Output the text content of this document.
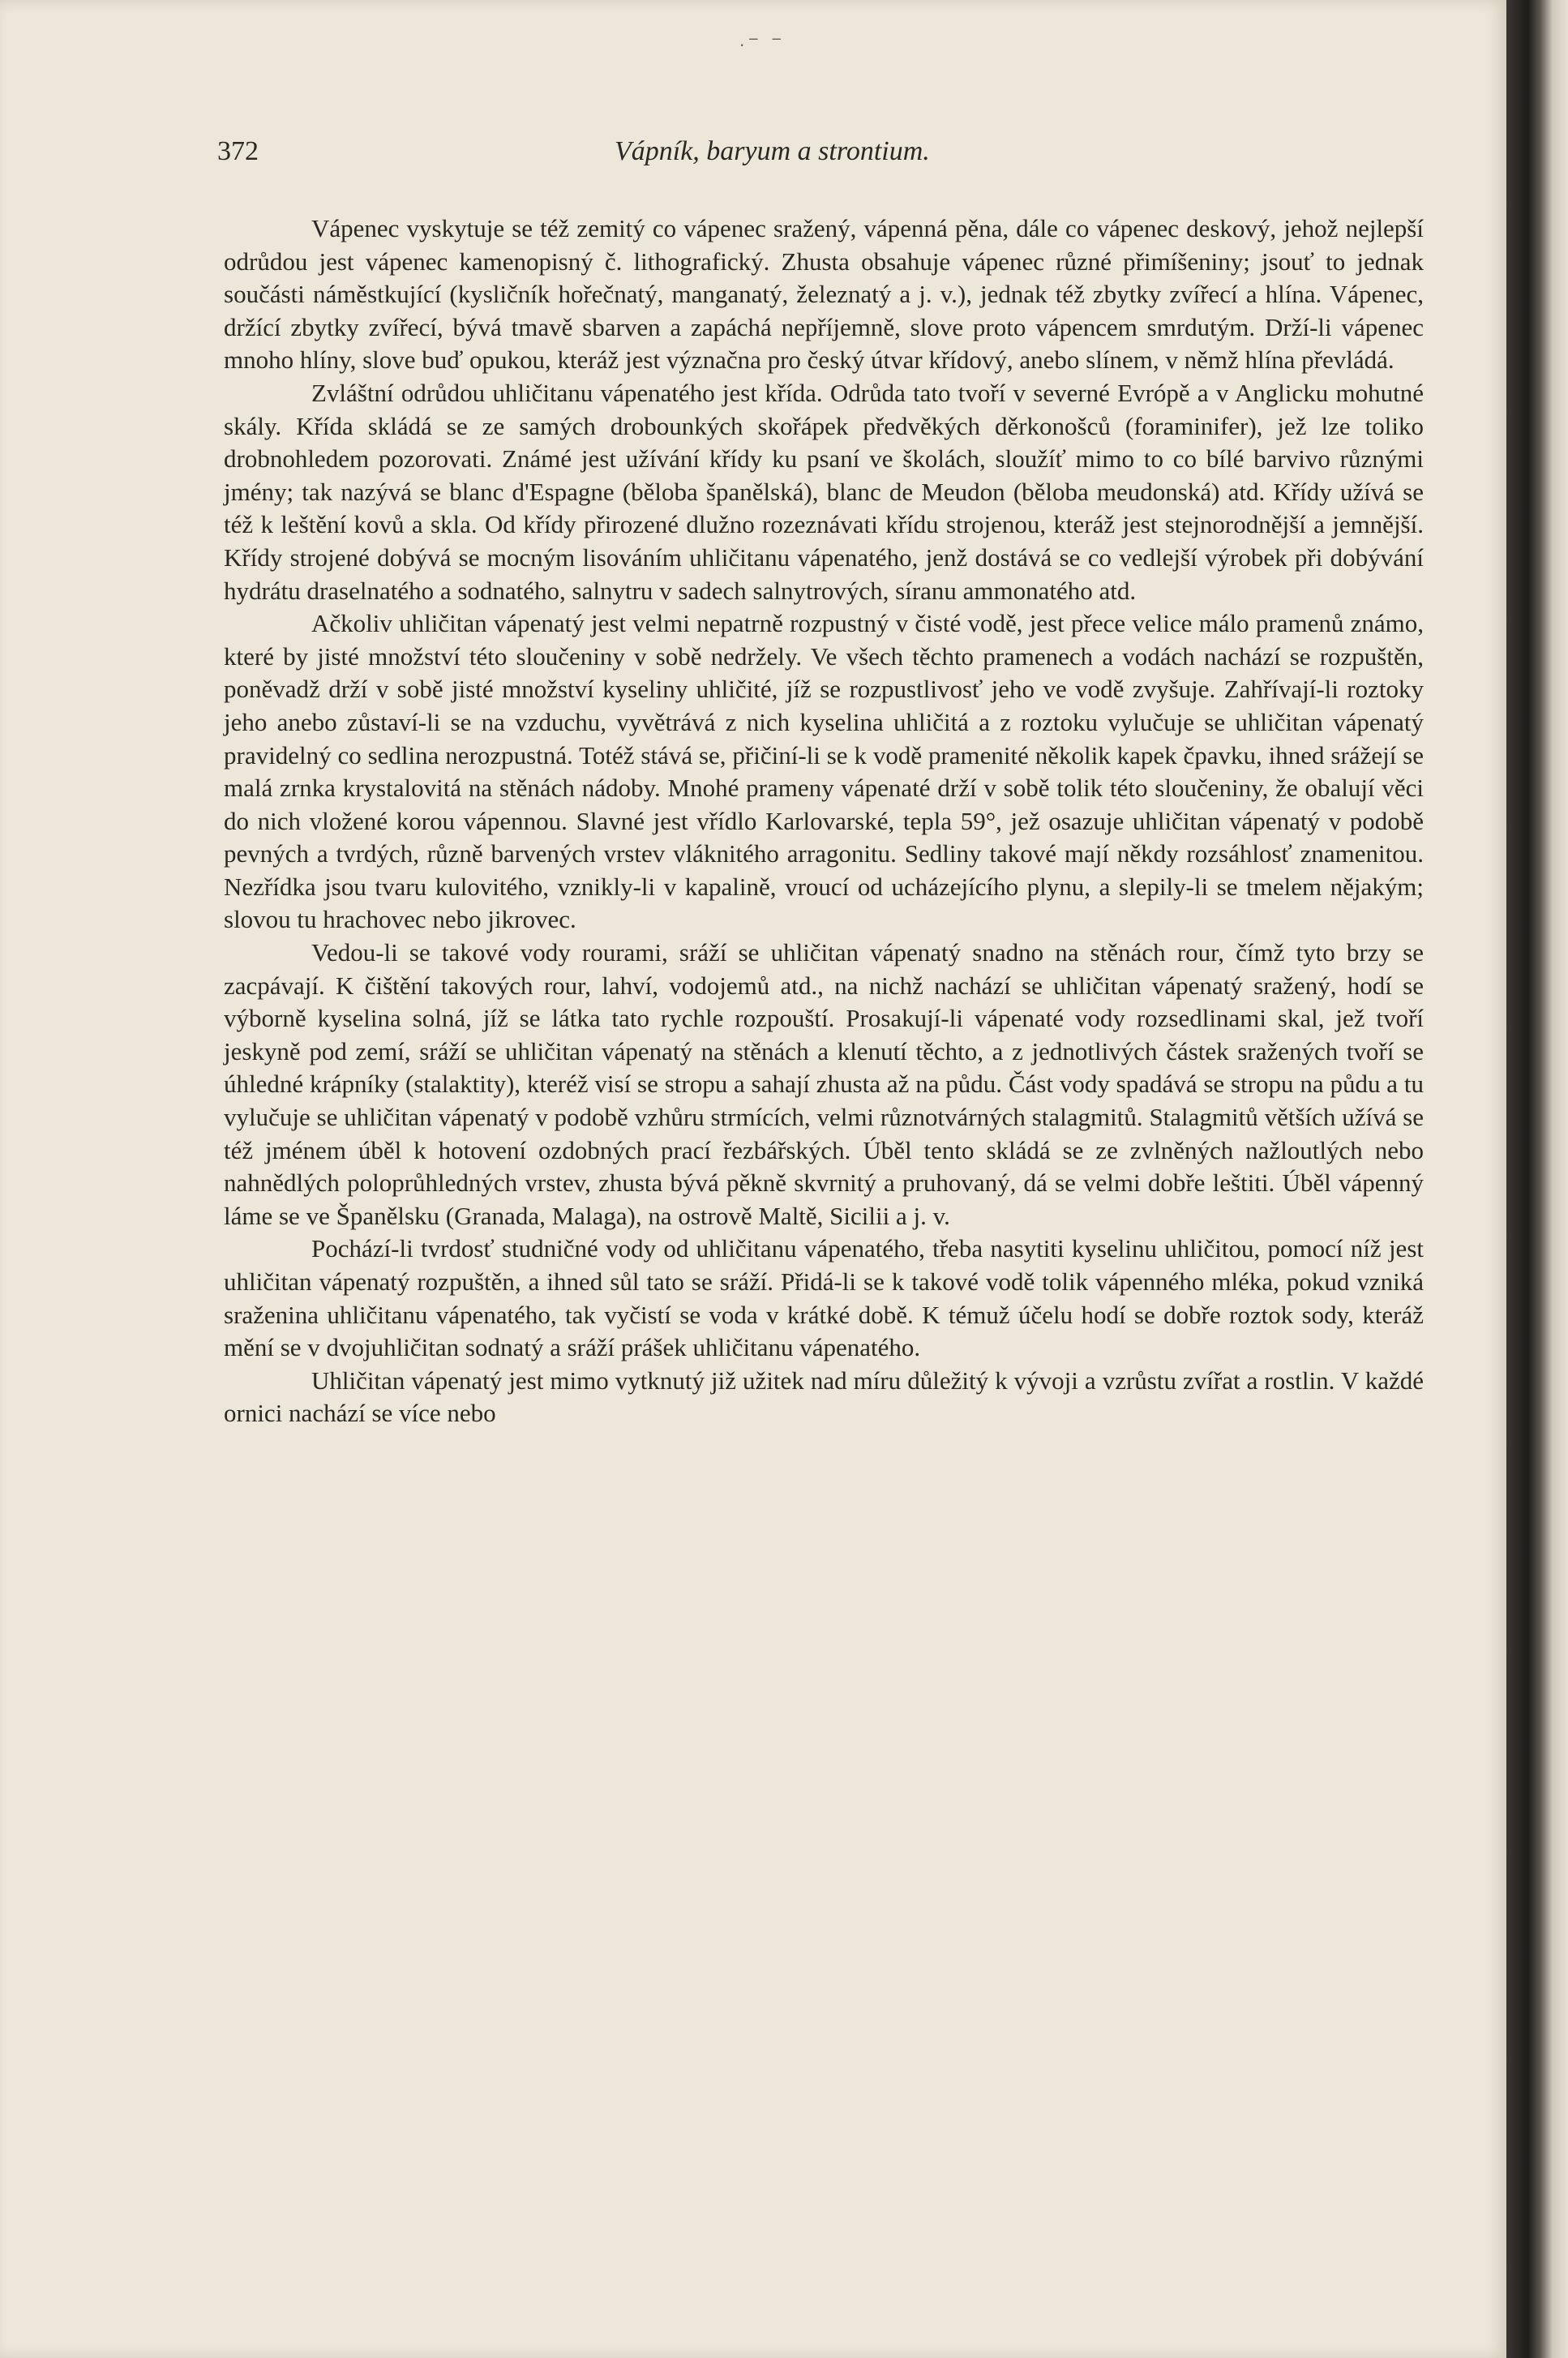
·‾ ‾
372	Vápník, baryum a strontium.

Vápenec vyskytuje se též zemitý co vápenec sražený, vápenná pěna, dále co vápenec deskový, jehož nejlepší odrůdou jest vápenec kamenopisný č. lithografický. Zhusta obsahuje vápenec různé přimíšeniny; jsouť to jednak součásti náměstkující (kysličník hořečnatý, manganatý, železnatý a j. v.), jednak též zbytky zvířecí a hlína. Vápenec, držící zbytky zvířecí, bývá tmavě sbarven a zapáchá nepříjemně, slove proto vápencem smrdutým. Drží-li vápenec mnoho hlíny, slove buď opukou, kteráž jest význačna pro český útvar křídový, anebo slínem, v němž hlína převládá.

Zvláštní odrůdou uhličitanu vápenatého jest křída. Odrůda tato tvoří v severné Evrópě a v Anglicku mohutné skály. Křída skládá se ze samých drobounkých skořápek předvěkých děrkonošců (foraminifer), jež lze toliko drobnohledem pozorovati. Známé jest užívání křídy ku psaní ve školách, sloužíť mimo to co bílé barvivo různými jmény; tak nazývá se blanc d'Espagne (běloba španělská), blanc de Meudon (běloba meudonská) atd. Křídy užívá se též k leštění kovů a skla. Od křídy přirozené dlužno rozeznávati křídu strojenou, kteráž jest stejnorodnější a jemnější. Křídy strojené dobývá se mocným lisováním uhličitanu vápenatého, jenž dostává se co vedlejší výrobek při dobývání hydrátu draselnatého a sodnatého, salnytru v sadech salnytrových, síranu ammonatého atd.

Ačkoliv uhličitan vápenatý jest velmi nepatrně rozpustný v čisté vodě, jest přece velice málo pramenů známo, které by jisté množství této sloučeniny v sobě nedržely. Ve všech těchto pramenech a vodách nachází se rozpuštěn, poněvadž drží v sobě jisté množství kyseliny uhličité, jíž se rozpustlivosť jeho ve vodě zvyšuje. Zahřívají-li roztoky jeho anebo zůstaví-li se na vzduchu, vyvětrává z nich kyselina uhličitá a z roztoku vylučuje se uhličitan vápenatý pravidelný co sedlina nerozpustná. Totéž stává se, přičiní-li se k vodě pramenité několik kapek čpavku, ihned srážejí se malá zrnka krystalovitá na stěnách nádoby. Mnohé prameny vápenaté drží v sobě tolik této sloučeniny, že obalují věci do nich vložené korou vápennou. Slavné jest vřídlo Karlovarské, tepla 59°, jež osazuje uhličitan vápenatý v podobě pevných a tvrdých, různě barvených vrstev vláknitého arragonitu. Sedliny takové mají někdy rozsáhlosť znamenitou. Nezřídka jsou tvaru kulovitého, vznikly-li v kapalině, vroucí od ucházejícího plynu, a slepily-li se tmelem nějakým; slovou tu hrachovec nebo jikrovec.

Vedou-li se takové vody rourami, sráží se uhličitan vápenatý snadno na stěnách rour, čímž tyto brzy se zacpávají. K čištění takových rour, lahví, vodojemů atd., na nichž nachází se uhličitan vápenatý sražený, hodí se výborně kyselina solná, jíž se látka tato rychle rozpouští. Prosakují-li vápenaté vody rozsedlinami skal, jež tvoří jeskyně pod zemí, sráží se uhličitan vápenatý na stěnách a klenutí těchto, a z jednotlivých částek sražených tvoří se úhledné krápníky (stalaktity), kteréž visí se stropu a sahají zhusta až na půdu. Část vody spadává se stropu na půdu a tu vylučuje se uhličitan vápenatý v podobě vzhůru strmících, velmi různotvárných stalagmitů. Stalagmitů větších užívá se též jménem úběl k hotovení ozdobných prací řezbářských. Úběl tento skládá se ze zvlněných nažloutlých nebo nahnědlých poloprůhledných vrstev, zhusta bývá pěkně skvrnitý a pruhovaný, dá se velmi dobře leštiti. Úběl vápenný láme se ve Španělsku (Granada, Malaga), na ostrově Maltě, Sicilii a j. v.

Pochází-li tvrdosť studničné vody od uhličitanu vápenatého, třeba nasytiti kyselinu uhličitou, pomocí níž jest uhličitan vápenatý rozpuštěn, a ihned sůl tato se sráží. Přidá-li se k takové vodě tolik vápenného mléka, pokud vzniká sraženina uhličitanu vápenatého, tak vyčistí se voda v krátké době. K témuž účelu hodí se dobře roztok sody, kteráž mění se v dvojuhličitan sodnatý a sráží prášek uhličitanu vápenatého.

Uhličitan vápenatý jest mimo vytknutý již užitek nad míru důležitý k vývoji a vzrůstu zvířat a rostlin. V každé ornici nachází se více nebo
